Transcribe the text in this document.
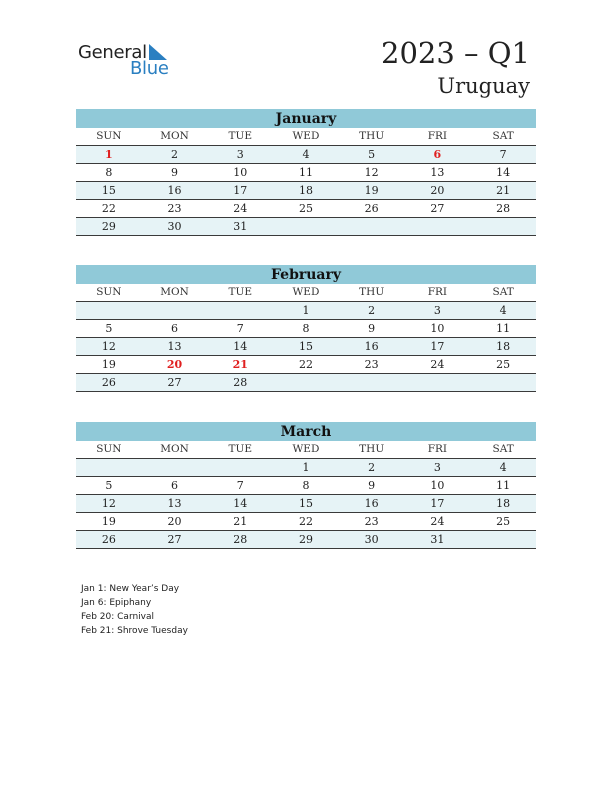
General
Blue	2023 – Q1
Uruguay
January
SUN	MON	TUE	WED	THU	FRI	SAT
1	2	3	4	5	6	7
8	9	10	11	12	13	14
15	16	17	18	19	20	21
22	23	24	25	26	27	28
29	30	31				
February
SUN	MON	TUE	WED	THU	FRI	SAT
			1	2	3	4
5	6	7	8	9	10	11
12	13	14	15	16	17	18
19	20	21	22	23	24	25
26	27	28				
March
SUN	MON	TUE	WED	THU	FRI	SAT
			1	2	3	4
5	6	7	8	9	10	11
12	13	14	15	16	17	18
19	20	21	22	23	24	25
26	27	28	29	30	31	
Jan 1: New Year’s Day
Jan 6: Epiphany
Feb 20: Carnival
Feb 21: Shrove Tuesday
